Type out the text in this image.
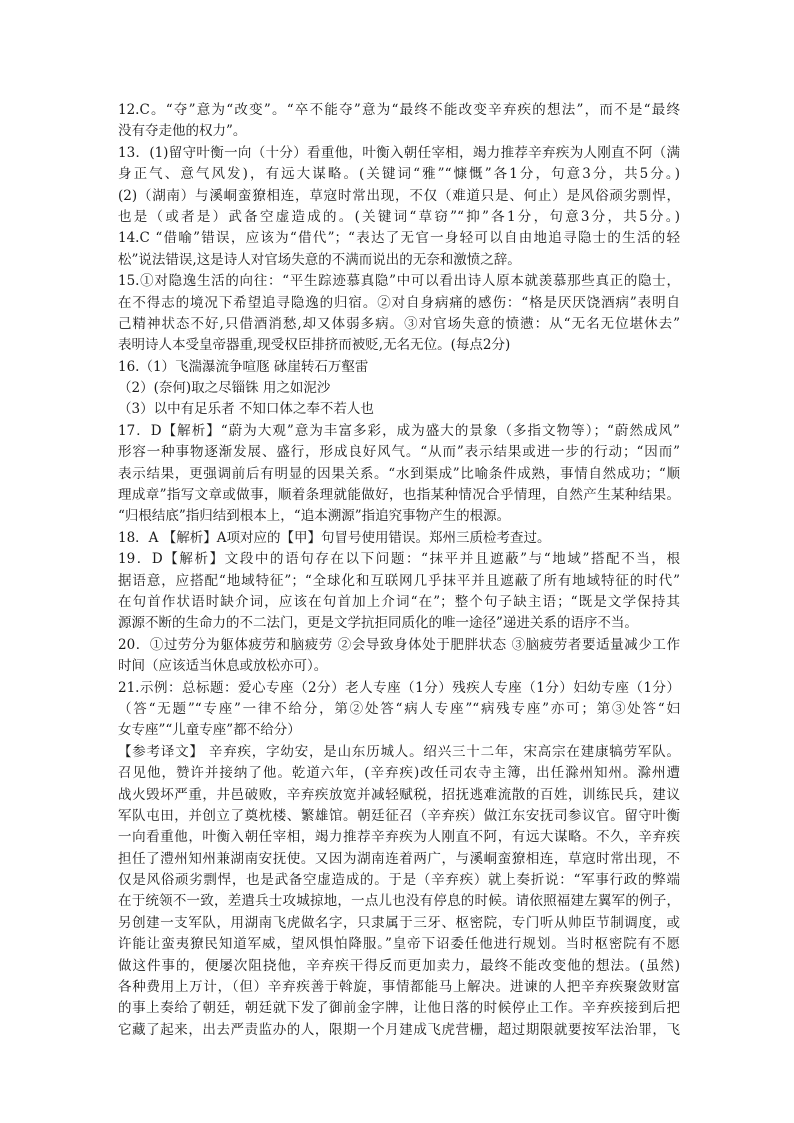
12.C。“夺”意为“改变”。“卒不能夺”意为“最终不能改变辛弃疾的想法”，而不是“最终
没有夺走他的权力”。
13．(1)留守叶衡一向（十分）看重他，叶衡入朝任宰相，竭力推荐辛弃疾为人刚直不阿（满
身正气、意气风发)，有远大谋略。(关键词“雅”“慷慨”各1分，句意3分，共5分。)
(2)（湖南）与溪峒蛮獠相连，草寇时常出现，不仅（难道只是、何止）是风俗顽劣剽悍，
也是（或者是）武备空虚造成的。(关键词“草窃”“抑”各1分，句意3分，共5分。)
14.C “借喻”错误，应该为“借代”；“表达了无官一身轻可以自由地追寻隐士的生活的轻
松”说法错误,这是诗人对官场失意的不满而说出的无奈和激愤之辞。
15.①对隐逸生活的向往：“平生踪迹慕真隐”中可以看出诗人原本就羡慕那些真正的隐士，
在不得志的境况下希望追寻隐逸的归宿。②对自身病痛的感伤：“格是厌厌饶酒病”表明自
己精神状态不好,只借酒消愁,却又体弱多病。③对官场失意的愤懑：从“无名无位堪休去”
表明诗人本受皇帝器重,现受权臣排挤而被贬,无名无位。(每点2分)
16.（1）飞湍瀑流争喧豗 砯崖转石万壑雷
（2）(奈何)取之尽锱铢 用之如泥沙
（3）以中有足乐者 不知口体之奉不若人也
17．D【解析】“蔚为大观”意为丰富多彩，成为盛大的景象（多指文物等）；“蔚然成风”
形容一种事物逐渐发展、盛行，形成良好风气。“从而”表示结果或进一步的行动；“因而”
表示结果，更强调前后有明显的因果关系。“水到渠成”比喻条件成熟，事情自然成功；“顺
理成章”指写文章或做事，顺着条理就能做好，也指某种情况合乎情理，自然产生某种结果。
“归根结底”指归结到根本上，“追本溯源”指追究事物产生的根源。
18．A 【解析】A项对应的【甲】句冒号使用错误。郑州三质检考查过。
19．D【解析】文段中的语句存在以下问题：“抹平并且遮蔽”与“地域”搭配不当，根
据语意，应搭配“地域特征”；“全球化和互联网几乎抹平并且遮蔽了所有地域特征的时代”
在句首作状语时缺介词，应该在句首加上介词“在”；整个句子缺主语；“既是文学保持其
源源不断的生命力的不二法门，更是文学抗拒同质化的唯一途径”递进关系的语序不当。
20．①过劳分为躯体疲劳和脑疲劳 ②会导致身体处于肥胖状态 ③脑疲劳者要适量减少工作
时间（应该适当休息或放松亦可）。
21.示例：总标题：爱心专座（2分）老人专座（1分）残疾人专座（1分）妇幼专座（1分）
（答“无题”“专座”一律不给分，第②处答“病人专座”“病残专座”亦可；第③处答“妇
女专座”“儿童专座”都不给分）
【参考译文】 辛弃疾，字幼安，是山东历城人。绍兴三十二年，宋高宗在建康犒劳军队。
召见他，赞许并接纳了他。乾道六年，(辛弃疾)改任司农寺主簿，出任滁州知州。滁州遭
战火毁坏严重，井邑破败，辛弃疾放宽并减轻赋税，招抚逃难流散的百姓，训练民兵，建议
军队屯田，并创立了奠枕楼、繁雄馆。朝廷征召（辛弃疾）做江东安抚司参议官。留守叶衡
一向看重他，叶衡入朝任宰相，竭力推荐辛弃疾为人刚直不阿，有远大谋略。不久，辛弃疾
担任了澧州知州兼湖南安抚使。又因为湖南连着两广，与溪峒蛮獠相连，草寇时常出现，不
仅是风俗顽劣剽悍，也是武备空虚造成的。于是（辛弃疾）就上奏折说：“军事行政的弊端
在于统领不一致，差遣兵士攻城掠地，一点儿也没有停息的时候。请依照福建左翼军的例子，
另创建一支军队，用湖南飞虎做名字，只隶属于三牙、枢密院，专门听从帅臣节制调度，或
许能让蛮夷獠民知道军威，望风惧怕降服。”皇帝下诏委任他进行规划。当时枢密院有不愿
做这件事的，便屡次阻挠他，辛弃疾干得反而更加卖力，最终不能改变他的想法。(虽然)
各种费用上万计，（但）辛弃疾善于斡旋，事情都能马上解决。进谏的人把辛弃疾聚敛财富
的事上奏给了朝廷，朝廷就下发了御前金字牌，让他日落的时候停止工作。辛弃疾接到后把
它藏了起来，出去严责监办的人，限期一个月建成飞虎营栅，超过期限就要按军法治罪，飞
